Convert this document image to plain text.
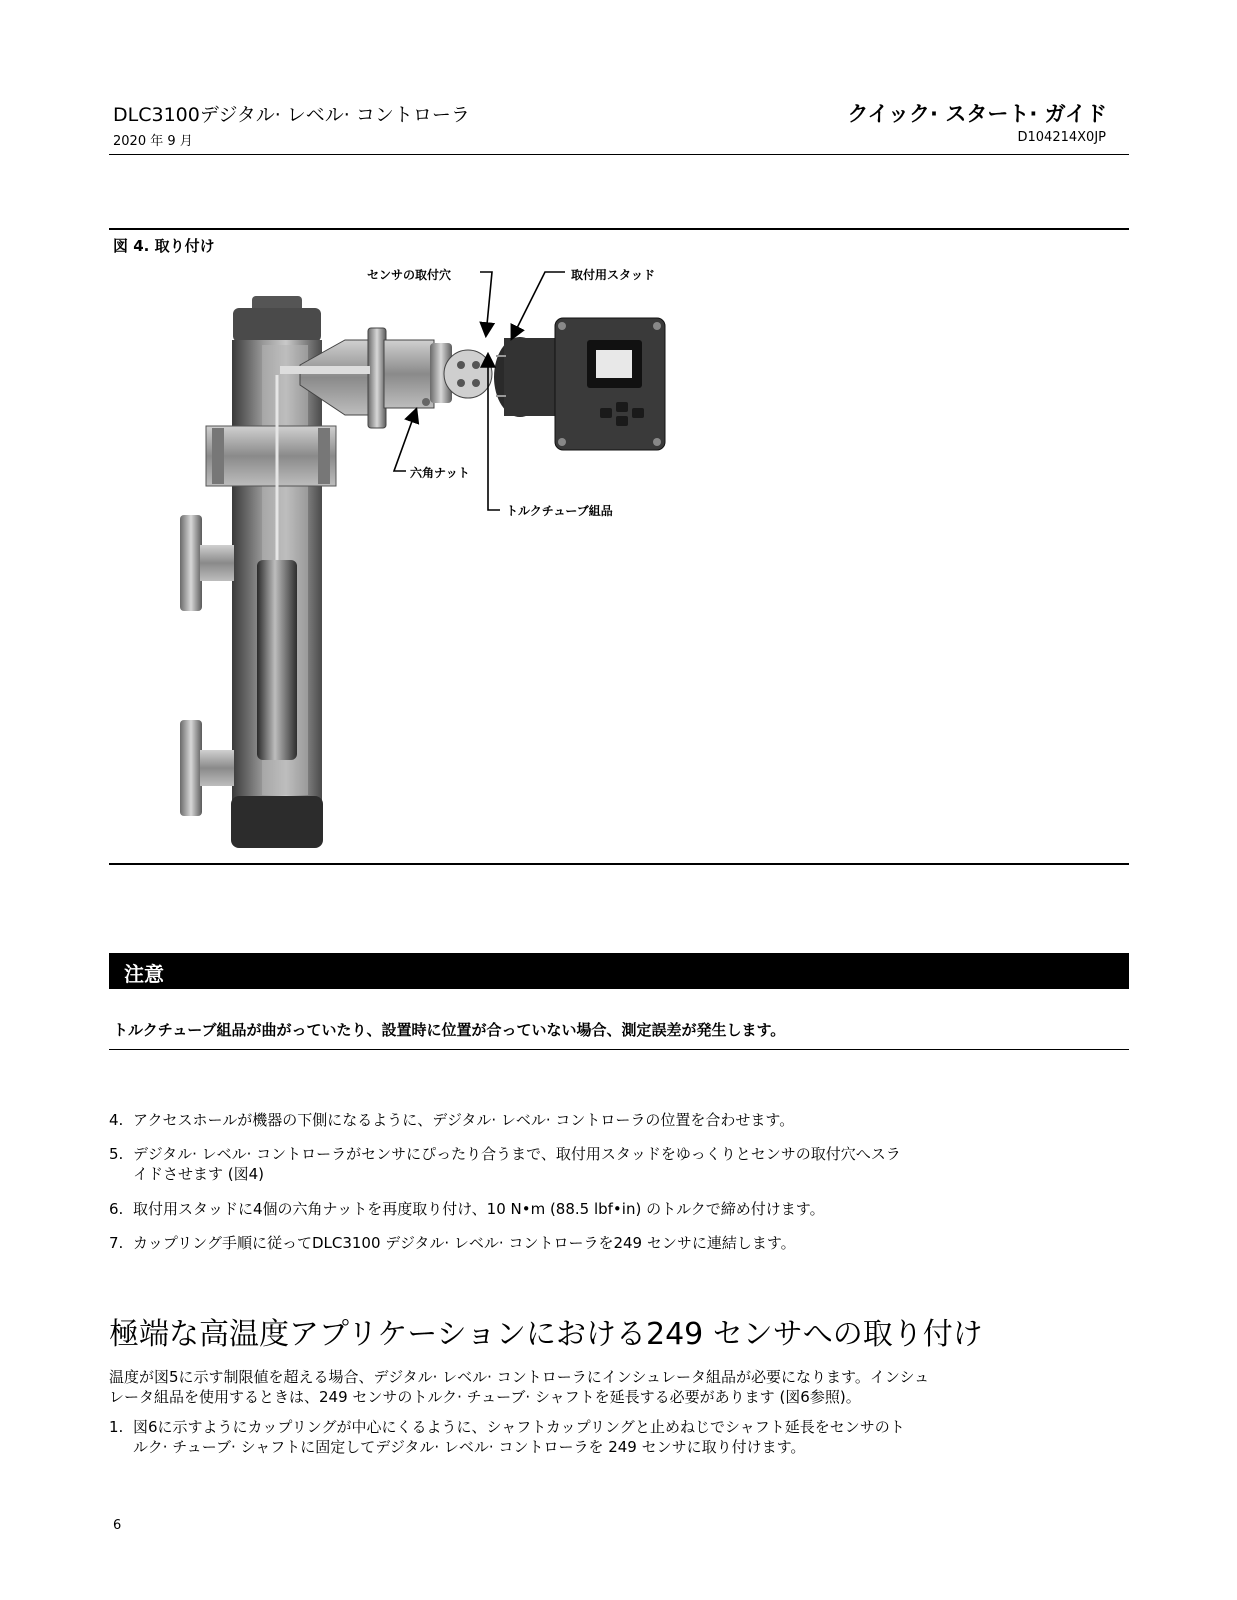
DLC3100デジタル· レベル· コントローラ
2020 年 9 月
クイック· スタート· ガイド
D104214X0JP
図 4. 取り付け
センサの取付穴	取付用スタッド
六角ナット
トルクチューブ組品
注意
トルクチューブ組品が曲がっていたり、設置時に位置が合っていない場合、測定誤差が発生します。
4. アクセスホールが機器の下側になるように、デジタル· レベル· コントローラの位置を合わせます。
5. デジタル· レベル· コントローラがセンサにぴったり合うまで、取付用スタッドをゆっくりとセンサの取付穴へスラ
イドさせます (図4)
6. 取付用スタッドに4個の六角ナットを再度取り付け、10 N•m (88.5 lbf•in) のトルクで締め付けます。
7. カップリング手順に従ってDLC3100 デジタル· レベル· コントローラを249 センサに連結します。
極端な高温度アプリケーションにおける249 センサへの取り付け
温度が図5に示す制限値を超える場合、デジタル· レベル· コントローラにインシュレータ組品が必要になります。インシュ
レータ組品を使用するときは、249 センサのトルク· チューブ· シャフトを延長する必要があります (図6参照)。
1. 図6に示すようにカップリングが中心にくるように、シャフトカップリングと止めねじでシャフト延長をセンサのト
ルク· チューブ· シャフトに固定してデジタル· レベル· コントローラを 249 センサに取り付けます。
6
